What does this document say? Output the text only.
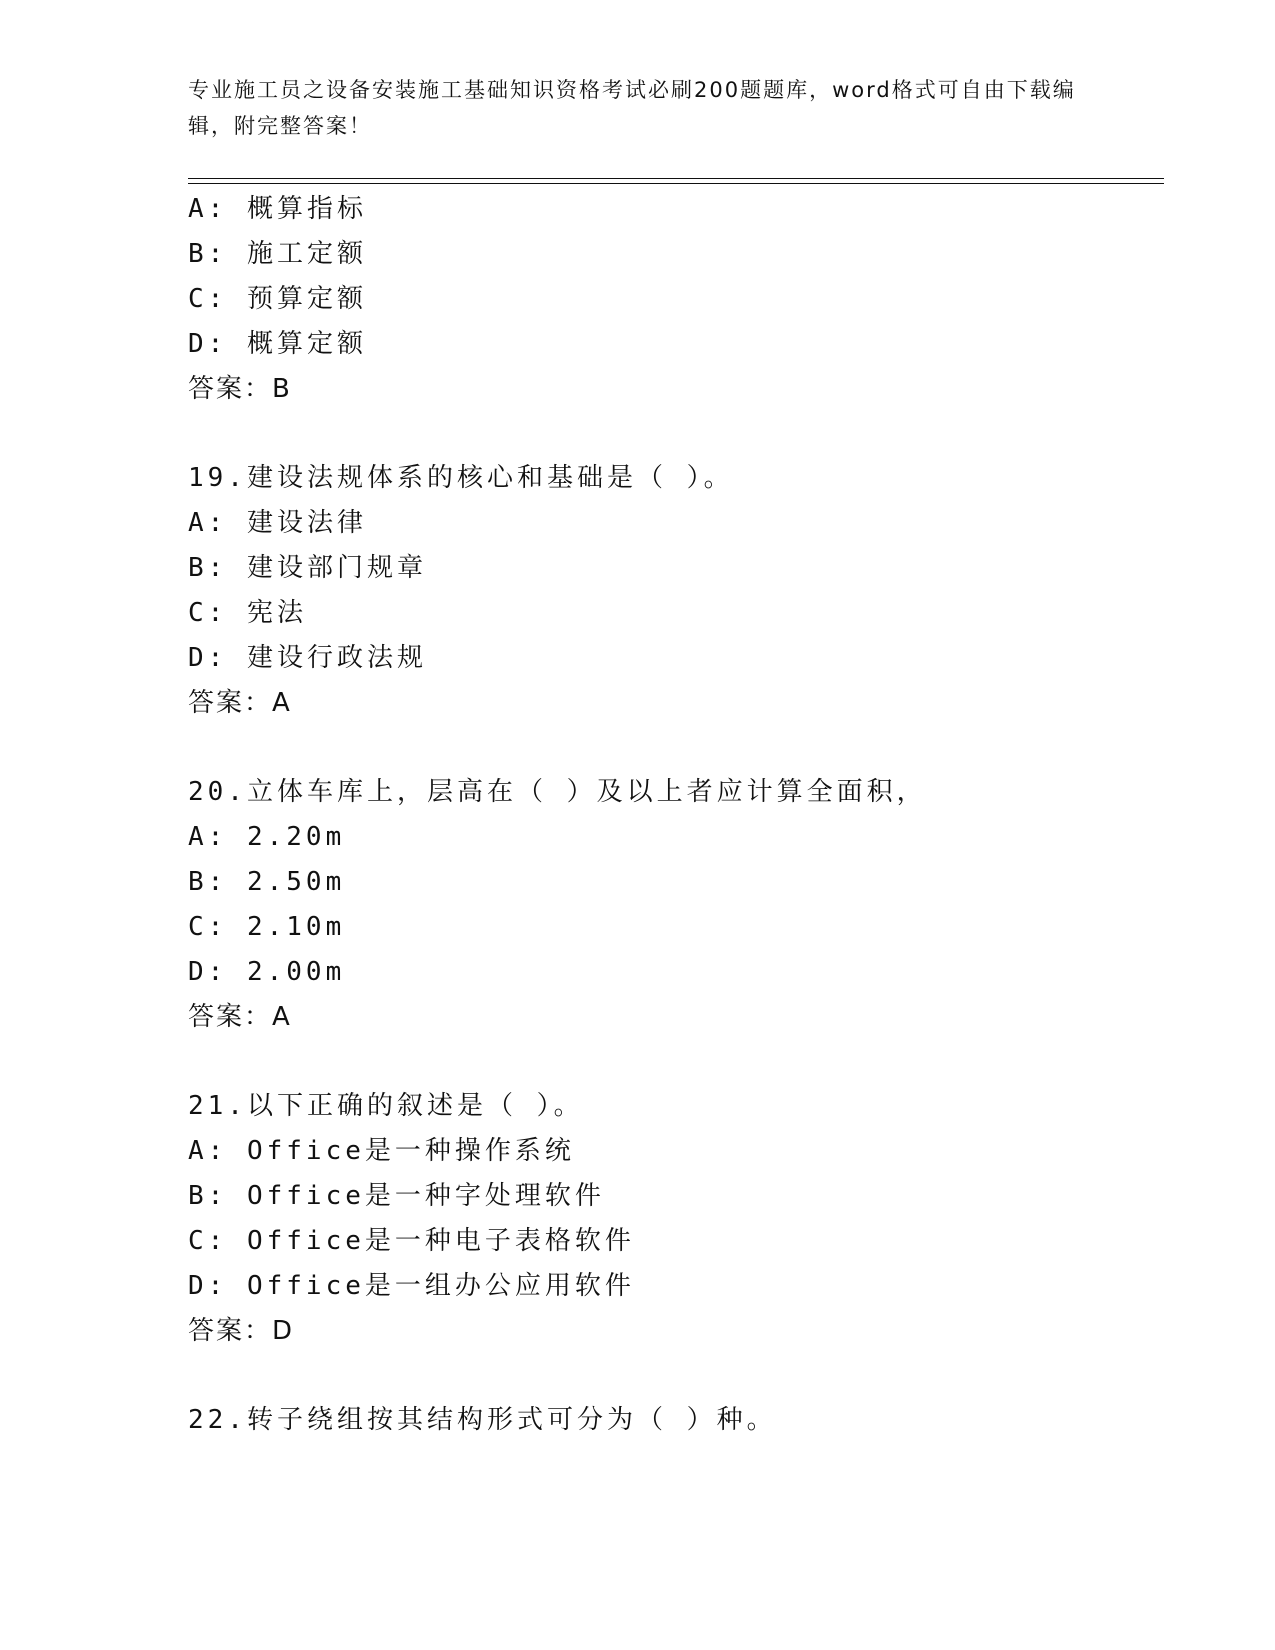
专业施工员之设备安装施工基础知识资格考试必刷200题题库，word格式可自由下载编辑，附完整答案！
A: 概算指标
B: 施工定额
C: 预算定额
D: 概算定额
答案：B
19.建设法规体系的核心和基础是（ ）。
A: 建设法律
B: 建设部门规章
C: 宪法
D: 建设行政法规
答案：A
20.立体车库上，层高在（ ）及以上者应计算全面积，
A: 2.20m
B: 2.50m
C: 2.10m
D: 2.00m
答案：A
21.以下正确的叙述是（ ）。
A: Office是一种操作系统
B: Office是一种字处理软件
C: Office是一种电子表格软件
D: Office是一组办公应用软件
答案：D
22.转子绕组按其结构形式可分为（ ）种。
